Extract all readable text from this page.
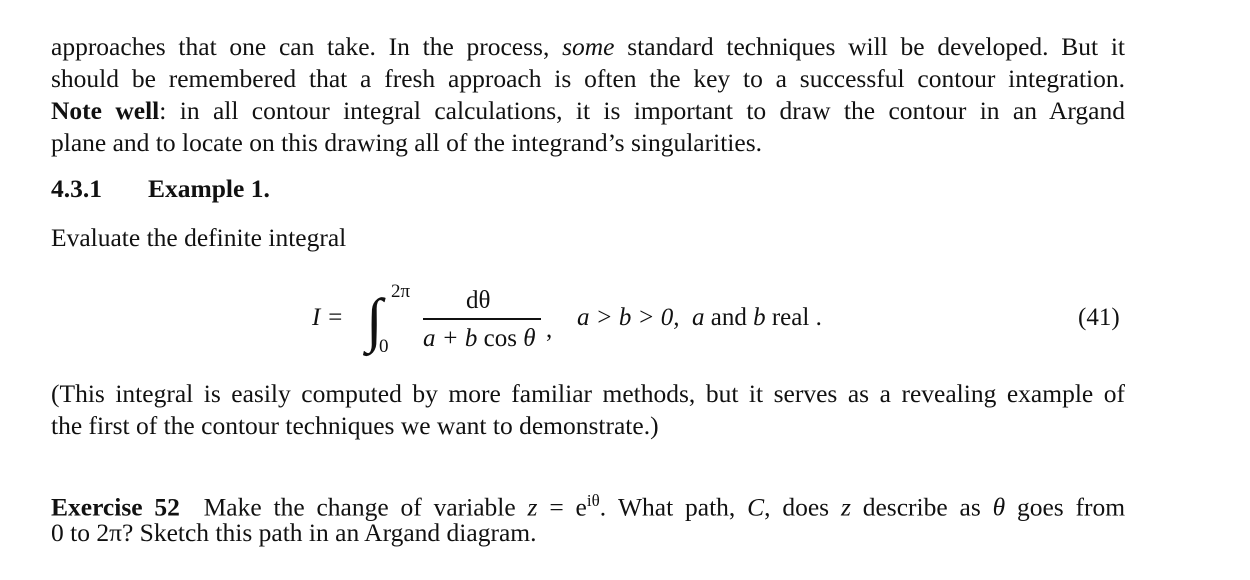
approaches that one can take. In the process, some standard techniques will be developed. But it
should be remembered that a fresh approach is often the key to a successful contour integration.
Note well: in all contour integral calculations, it is important to draw the contour in an Argand
plane and to locate on this drawing all of the integrand’s singularities.
4.3.1 Example 1.
Evaluate the definite integral
I = ∫ 2π
0
dθ
a + b cos θ , a > b > 0, a and b real .	(41)
(This integral is easily computed by more familiar methods, but it serves as a revealing example of
the first of the contour techniques we want to demonstrate.)
Exercise 52 Make the change of variable $z = e^{i\theta}$. What path, C, does z describe as θ goes from
0 to 2π? Sketch this path in an Argand diagram.
